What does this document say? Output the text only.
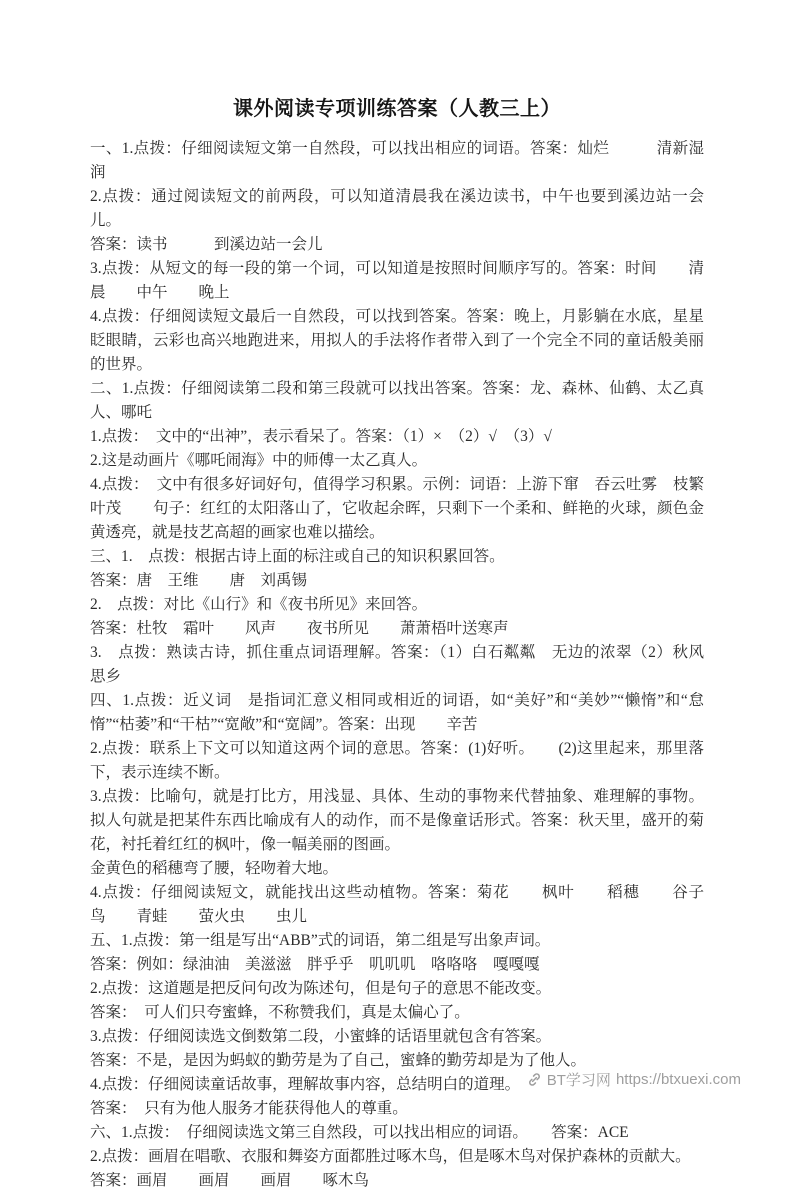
课外阅读专项训练答案（人教三上）
一、1.点拨：仔细阅读短文第一自然段，可以找出相应的词语。答案：灿烂　　　清新湿润
2.点拨：通过阅读短文的前两段，可以知道清晨我在溪边读书，中午也要到溪边站一会儿。
答案：读书　　　到溪边站一会儿
3.点拨：从短文的每一段的第一个词，可以知道是按照时间顺序写的。答案：时间　　清晨　　中午　　晚上
4.点拨：仔细阅读短文最后一自然段，可以找到答案。答案：晚上，月影躺在水底，星星眨眼睛，云彩也高兴地跑进来，用拟人的手法将作者带入到了一个完全不同的童话般美丽的世界。
二、1.点拨：仔细阅读第二段和第三段就可以找出答案。答案：龙、森林、仙鹤、太乙真人、哪吒
1.点拨：　文中的“出神”，表示看呆了。答案：（1）×　（2）√　（3）√
2.这是动画片《哪吒闹海》中的师傅一太乙真人。
4.点拨：　文中有很多好词好句，值得学习积累。示例：词语：上游下窜　吞云吐雾　枝繁叶茂　　句子：红红的太阳落山了，它收起余晖，只剩下一个柔和、鲜艳的火球，颜色金黄透亮，就是技艺高超的画家也难以描绘。
三、1.　点拨：根据古诗上面的标注或自己的知识积累回答。
答案：唐　王维　　唐　刘禹锡
2.　点拨：对比《山行》和《夜书所见》来回答。
答案：杜牧　霜叶　　风声　　夜书所见　　萧萧梧叶送寒声
3.　点拨：熟读古诗，抓住重点词语理解。答案：（1）白石粼粼　无边的浓翠（2）秋风　思乡
四、1.点拨：近义词　是指词汇意义相同或相近的词语，如“美好”和“美妙”“懒惰”和“怠惰”“枯萎”和“干枯”“宽敞”和“宽阔”。答案：出现　　辛苦
2.点拨：联系上下文可以知道这两个词的意思。答案：(1)好听。　　(2)这里起来，那里落下，表示连续不断。
3.点拨：比喻句，就是打比方，用浅显、具体、生动的事物来代替抽象、难理解的事物。拟人句就是把某件东西比喻成有人的动作，而不是像童话形式。答案：秋天里，盛开的菊花，衬托着红红的枫叶，像一幅美丽的图画。
金黄色的稻穗弯了腰，轻吻着大地。
4.点拨：仔细阅读短文，就能找出这些动植物。答案：菊花　　枫叶　　稻穗　　谷子　　鸟　　青蛙　　萤火虫　　虫儿
五、1.点拨：第一组是写出“ABB”式的词语，第二组是写出象声词。
答案：例如：绿油油　美滋滋　胖乎乎　叽叽叽　咯咯咯　嘎嘎嘎
2.点拨：这道题是把反问句改为陈述句，但是句子的意思不能改变。
答案：　可人们只夸蜜蜂，不称赞我们，真是太偏心了。
3.点拨：仔细阅读选文倒数第二段，小蜜蜂的话语里就包含有答案。
答案：不是，是因为蚂蚁的勤劳是为了自己，蜜蜂的勤劳却是为了他人。
4.点拨：仔细阅读童话故事，理解故事内容，总结明白的道理。
答案：　只有为他人服务才能获得他人的尊重。
六、1.点拨：　仔细阅读选文第三自然段，可以找出相应的词语。　　答案：ACE
2.点拨：画眉在唱歌、衣服和舞姿方面都胜过啄木鸟，但是啄木鸟对保护森林的贡献大。
答案：画眉　　画眉　　画眉　　啄木鸟
BT学习网 https://btxuexi.com
